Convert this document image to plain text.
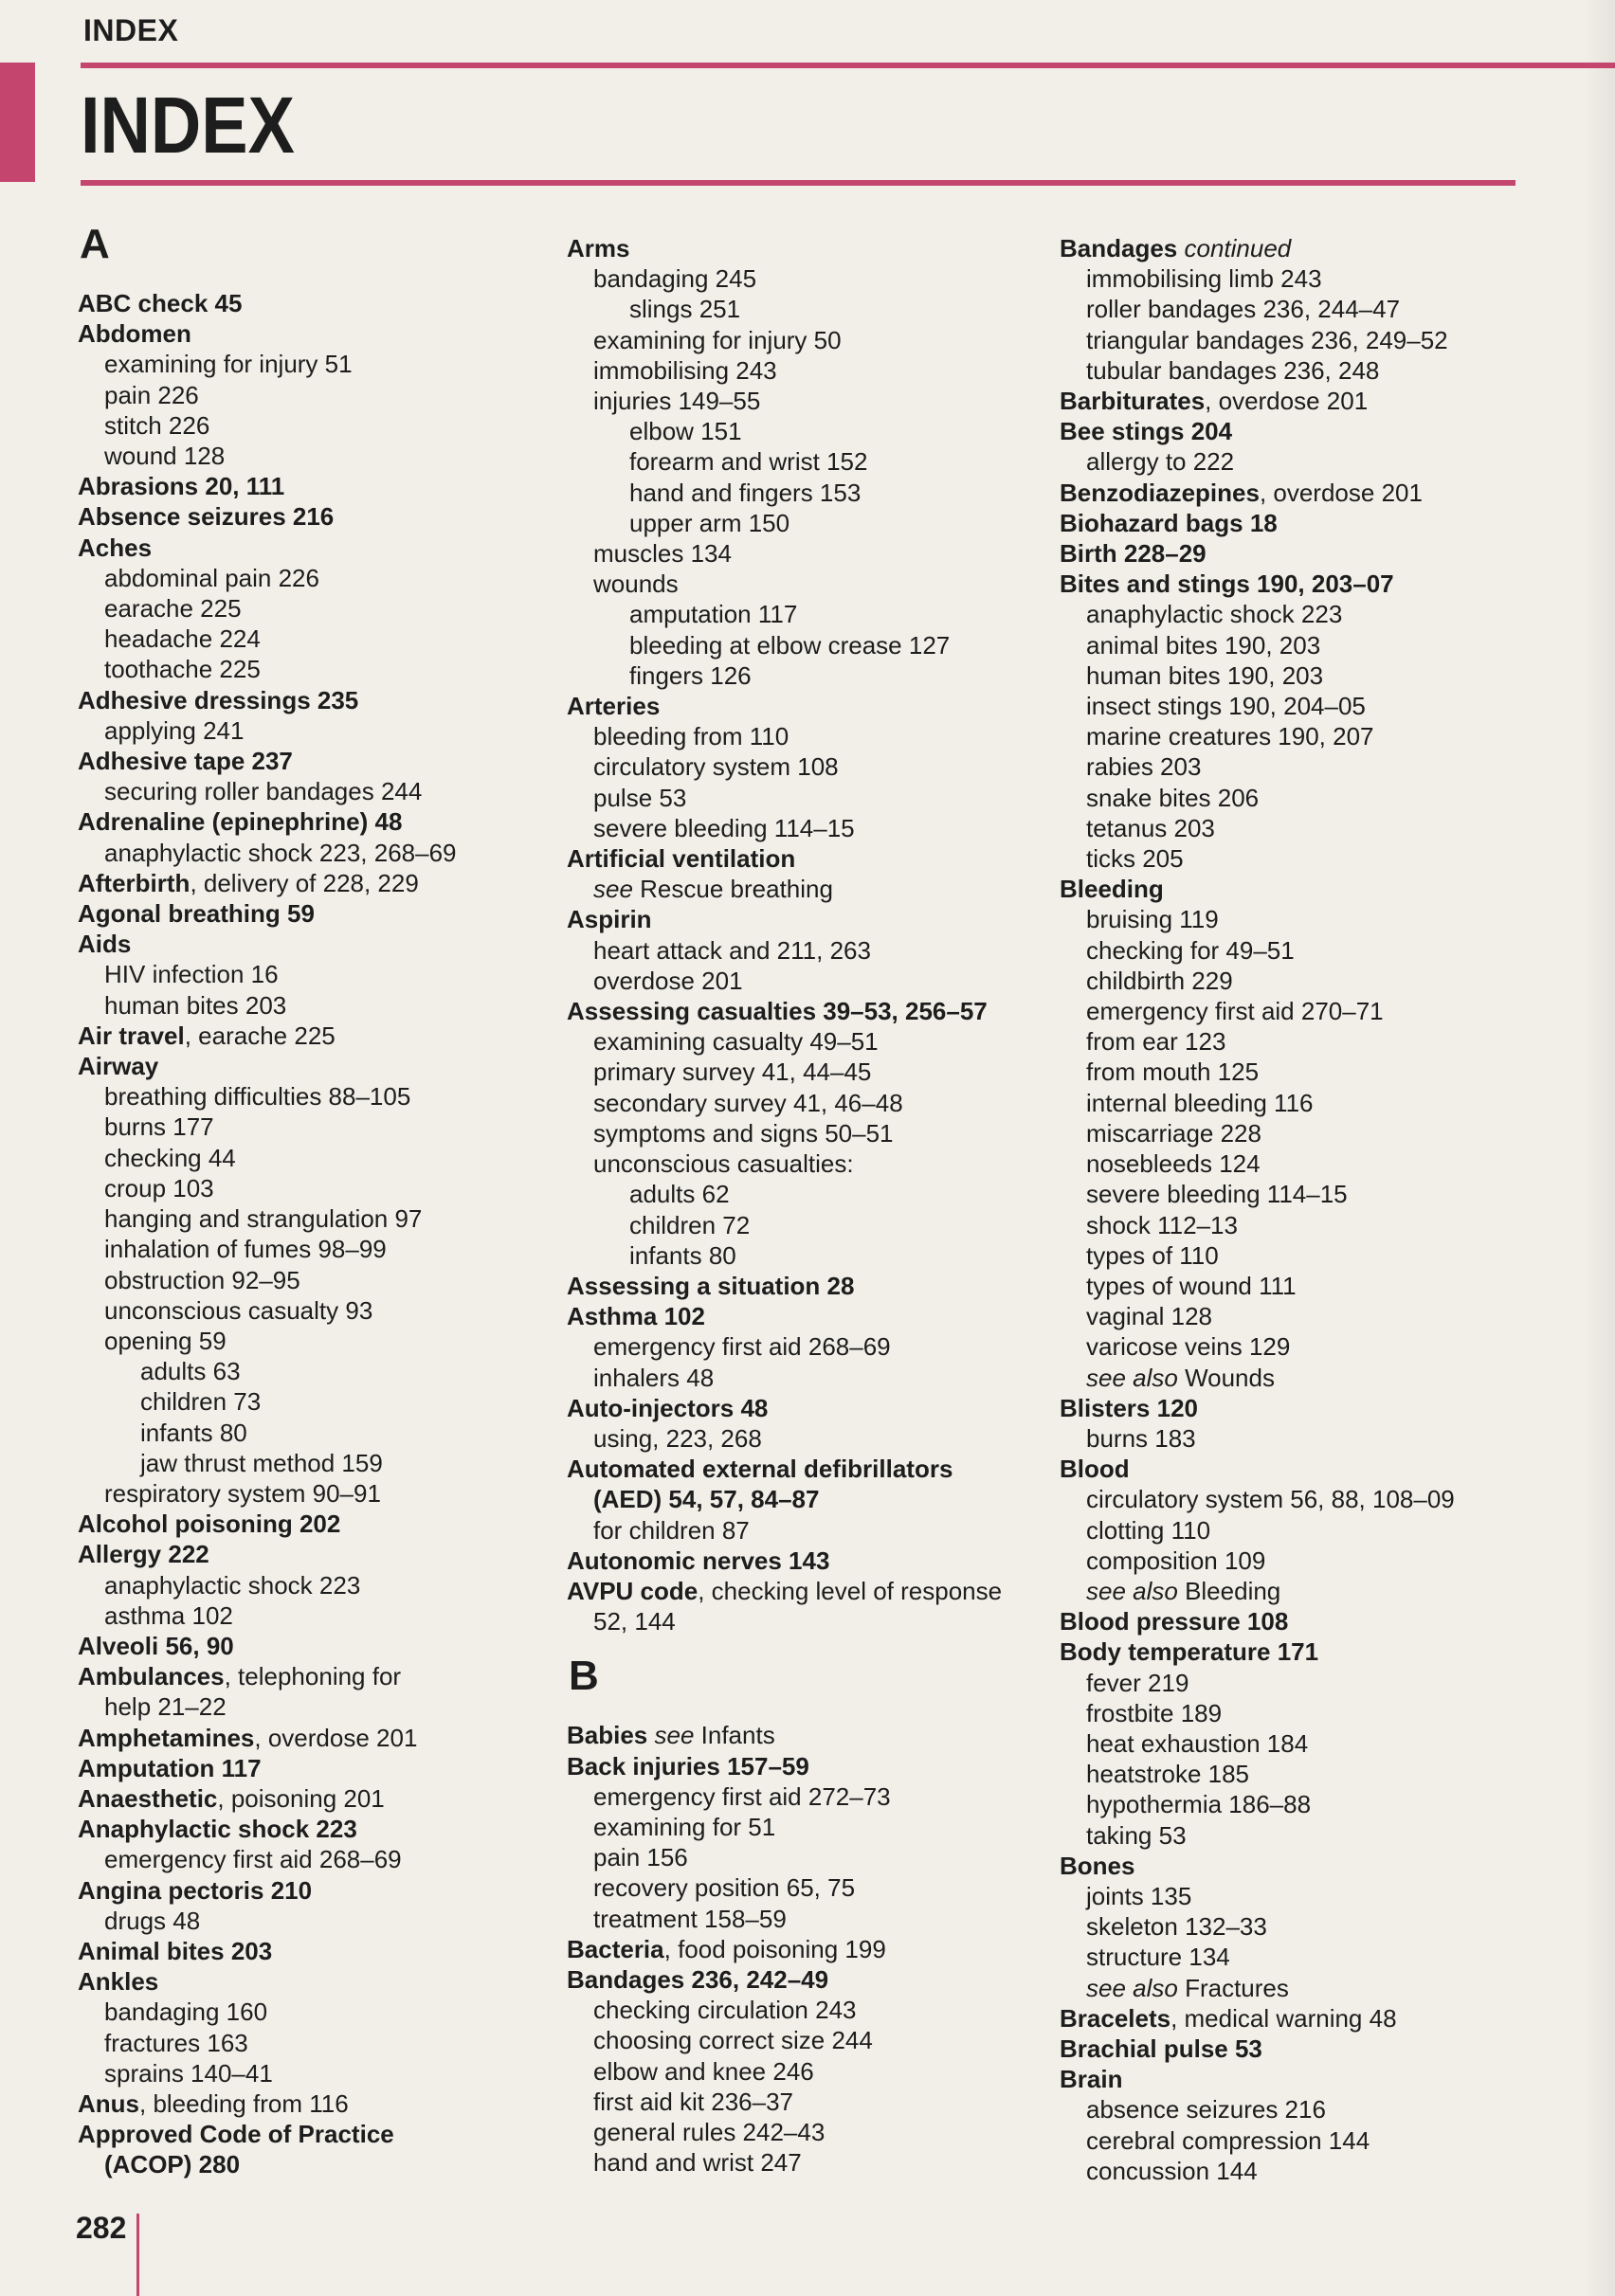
INDEX
INDEX
A
ABC check 45
Abdomen
examining for injury 51
pain 226
stitch 226
wound 128
Abrasions 20, 111
Absence seizures 216
Aches
abdominal pain 226
earache 225
headache 224
toothache 225
Adhesive dressings 235
applying 241
Adhesive tape 237
securing roller bandages 244
Adrenaline (epinephrine) 48
anaphylactic shock 223, 268–69
Afterbirth, delivery of 228, 229
Agonal breathing 59
Aids
HIV infection 16
human bites 203
Air travel, earache 225
Airway
breathing difficulties 88–105
burns 177
checking 44
croup 103
hanging and strangulation 97
inhalation of fumes 98–99
obstruction 92–95
unconscious casualty 93
opening 59
adults 63
children 73
infants 80
jaw thrust method 159
respiratory system 90–91
Alcohol poisoning 202
Allergy 222
anaphylactic shock 223
asthma 102
Alveoli 56, 90
Ambulances, telephoning for
help 21–22
Amphetamines, overdose 201
Amputation 117
Anaesthetic, poisoning 201
Anaphylactic shock 223
emergency first aid 268–69
Angina pectoris 210
drugs 48
Animal bites 203
Ankles
bandaging 160
fractures 163
sprains 140–41
Anus, bleeding from 116
Approved Code of Practice
(ACOP) 280
Arms
bandaging 245
slings 251
examining for injury 50
immobilising 243
injuries 149–55
elbow 151
forearm and wrist 152
hand and fingers 153
upper arm 150
muscles 134
wounds
amputation 117
bleeding at elbow crease 127
fingers 126
Arteries
bleeding from 110
circulatory system 108
pulse 53
severe bleeding 114–15
Artificial ventilation
see Rescue breathing
Aspirin
heart attack and 211, 263
overdose 201
Assessing casualties 39–53, 256–57
examining casualty 49–51
primary survey 41, 44–45
secondary survey 41, 46–48
symptoms and signs 50–51
unconscious casualties:
adults 62
children 72
infants 80
Assessing a situation 28
Asthma 102
emergency first aid 268–69
inhalers 48
Auto-injectors 48
using, 223, 268
Automated external defibrillators
(AED) 54, 57, 84–87
for children 87
Autonomic nerves 143
AVPU code, checking level of response
52, 144
B
Babies see Infants
Back injuries 157–59
emergency first aid 272–73
examining for 51
pain 156
recovery position 65, 75
treatment 158–59
Bacteria, food poisoning 199
Bandages 236, 242–49
checking circulation 243
choosing correct size 244
elbow and knee 246
first aid kit 236–37
general rules 242–43
hand and wrist 247
Bandages continued
immobilising limb 243
roller bandages 236, 244–47
triangular bandages 236, 249–52
tubular bandages 236, 248
Barbiturates, overdose 201
Bee stings 204
allergy to 222
Benzodiazepines, overdose 201
Biohazard bags 18
Birth 228–29
Bites and stings 190, 203–07
anaphylactic shock 223
animal bites 190, 203
human bites 190, 203
insect stings 190, 204–05
marine creatures 190, 207
rabies 203
snake bites 206
tetanus 203
ticks 205
Bleeding
bruising 119
checking for 49–51
childbirth 229
emergency first aid 270–71
from ear 123
from mouth 125
internal bleeding 116
miscarriage 228
nosebleeds 124
severe bleeding 114–15
shock 112–13
types of 110
types of wound 111
vaginal 128
varicose veins 129
see also Wounds
Blisters 120
burns 183
Blood
circulatory system 56, 88, 108–09
clotting 110
composition 109
see also Bleeding
Blood pressure 108
Body temperature 171
fever 219
frostbite 189
heat exhaustion 184
heatstroke 185
hypothermia 186–88
taking 53
Bones
joints 135
skeleton 132–33
structure 134
see also Fractures
Bracelets, medical warning 48
Brachial pulse 53
Brain
absence seizures 216
cerebral compression 144
concussion 144
282
